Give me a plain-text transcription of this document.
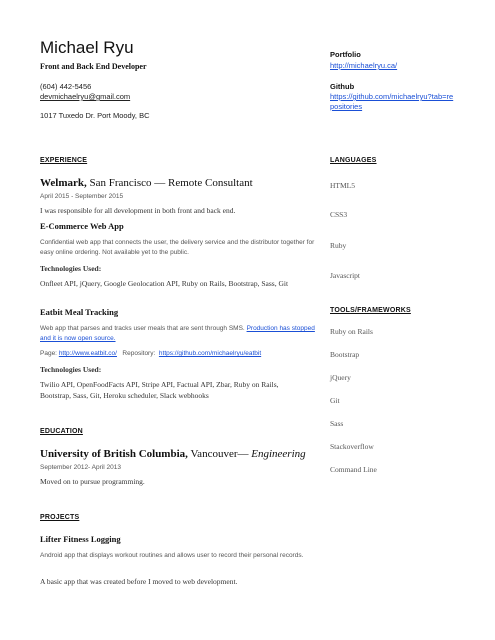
Michael Ryu
Front and Back End Developer
(604) 442-5456
devmichaelryu@gmail.com
1017 Tuxedo Dr. Port Moody, BC
Portfolio
http://michaelryu.ca/
Github
https://github.com/michaelryu?tab=repositories
EXPERIENCE
Welmark, San Francisco — Remote Consultant
April 2015 - September 2015
I was responsible for all development in both front and back end.
E-Commerce Web App
Confidential web app that connects the user, the delivery service and the distributor together for easy online ordering. Not available yet to the public.
Technologies Used:
Onfleet API, jQuery, Google Geolocation API, Ruby on Rails, Bootstrap, Sass, Git
Eatbit Meal Tracking
Web app that parses and tracks user meals that are sent through SMS. Production has stopped and it is now open source.
Page: http://www.eatbit.co/ Repository: https://github.com/michaelryu/eatbit
Technologies Used:
Twilio API, OpenFoodFacts API, Stripe API, Factual API, Zbar, Ruby on Rails, Bootstrap, Sass, Git, Heroku scheduler, Slack webhooks
EDUCATION
University of British Columbia, Vancouver— Engineering
September 2012- April 2013
Moved on to pursue programming.
PROJECTS
Lifter Fitness Logging
Android app that displays workout routines and allows user to record their personal records.
A basic app that was created before I moved to web development.
LANGUAGES
HTML5
CSS3
Ruby
Javascript
TOOLS/FRAMEWORKS
Ruby on Rails
Bootstrap
jQuery
Git
Sass
Stackoverflow
Command Line
